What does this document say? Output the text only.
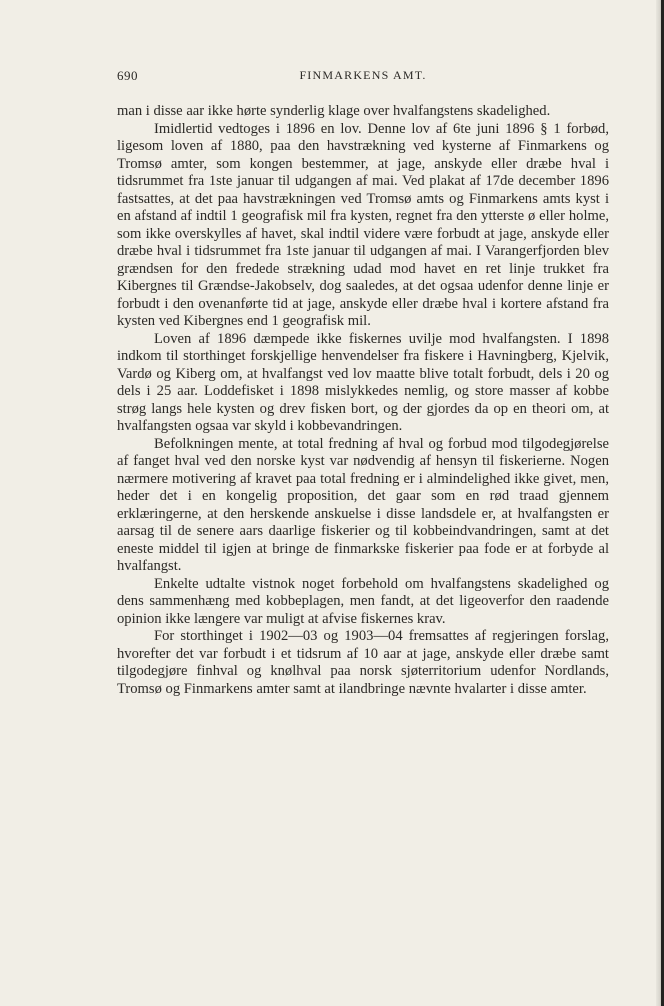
690	FINMARKENS AMT.

man i disse aar ikke hørte synderlig klage over hvalfangstens skadelighed.

Imidlertid vedtoges i 1896 en lov. Denne lov af 6te juni 1896 § 1 forbød, ligesom loven af 1880, paa den havstrækning ved kysterne af Finmarkens og Tromsø amter, som kongen bestemmer, at jage, anskyde eller dræbe hval i tidsrummet fra 1ste januar til udgangen af mai. Ved plakat af 17de december 1896 fastsattes, at det paa havstrækningen ved Tromsø amts og Finmarkens amts kyst i en afstand af indtil 1 geografisk mil fra kysten, regnet fra den ytterste ø eller holme, som ikke overskylles af havet, skal indtil videre være forbudt at jage, anskyde eller dræbe hval i tidsrummet fra 1ste januar til udgangen af mai. I Varangerfjorden blev grændsen for den fredede strækning udad mod havet en ret linje trukket fra Kibergnes til Grændse-Jakobselv, dog saaledes, at det ogsaa udenfor denne linje er forbudt i den ovenanførte tid at jage, anskyde eller dræbe hval i kortere afstand fra kysten ved Kibergnes end 1 geografisk mil.

Loven af 1896 dæmpede ikke fiskernes uvilje mod hvalfangsten. I 1898 indkom til storthinget forskjellige henvendelser fra fiskere i Havningberg, Kjelvik, Vardø og Kiberg om, at hvalfangst ved lov maatte blive totalt forbudt, dels i 20 og dels i 25 aar. Loddefisket i 1898 mislykkedes nemlig, og store masser af kobbe strøg langs hele kysten og drev fisken bort, og der gjordes da op en theori om, at hvalfangsten ogsaa var skyld i kobbevandringen.

Befolkningen mente, at total fredning af hval og forbud mod tilgodegjørelse af fanget hval ved den norske kyst var nødvendig af hensyn til fiskerierne. Nogen nærmere motivering af kravet paa total fredning er i almindelighed ikke givet, men, heder det i en kongelig proposition, det gaar som en rød traad gjennem erklæringerne, at den herskende anskuelse i disse landsdele er, at hvalfangsten er aarsag til de senere aars daarlige fiskerier og til kobbeindvandringen, samt at det eneste middel til igjen at bringe de finmarkske fiskerier paa fode er at forbyde al hvalfangst.

Enkelte udtalte vistnok noget forbehold om hvalfangstens skadelighed og dens sammenhæng med kobbeplagen, men fandt, at det ligeoverfor den raadende opinion ikke længere var muligt at afvise fiskernes krav.

For storthinget i 1902—03 og 1903—04 fremsattes af regjeringen forslag, hvorefter det var forbudt i et tidsrum af 10 aar at jage, anskyde eller dræbe samt tilgodegjøre finhval og knølhval paa norsk sjøterritorium udenfor Nordlands, Tromsø og Finmarkens amter samt at ilandbringe nævnte hvalarter i disse amter.
